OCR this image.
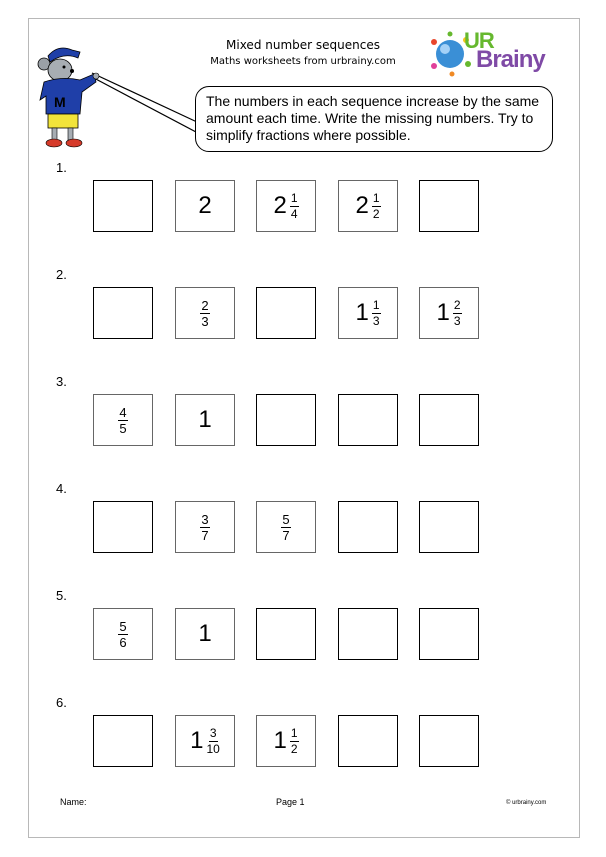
Mixed number sequences
Maths worksheets from urbrainy.com
M	The numbers in each sequence increase by the same amount each time. Write the missing numbers. Try to simplify fractions where possible.
UR
Brainy
1.
2	$2 \frac{1}{4} 2 \frac{1}{2}$
2.
$\frac{2}{3}$	$1 \frac{1}{3} 1 \frac{2}{3}$
3.
$\frac{4}{5}$	1
4.
$\frac{3}{7}$	$\frac{5}{7}$
5.
$\frac{5}{6}$	1
6.
$1 \frac{3}{10} 1 \frac{1}{2}$
Name:	Page 1	© urbrainy.com
